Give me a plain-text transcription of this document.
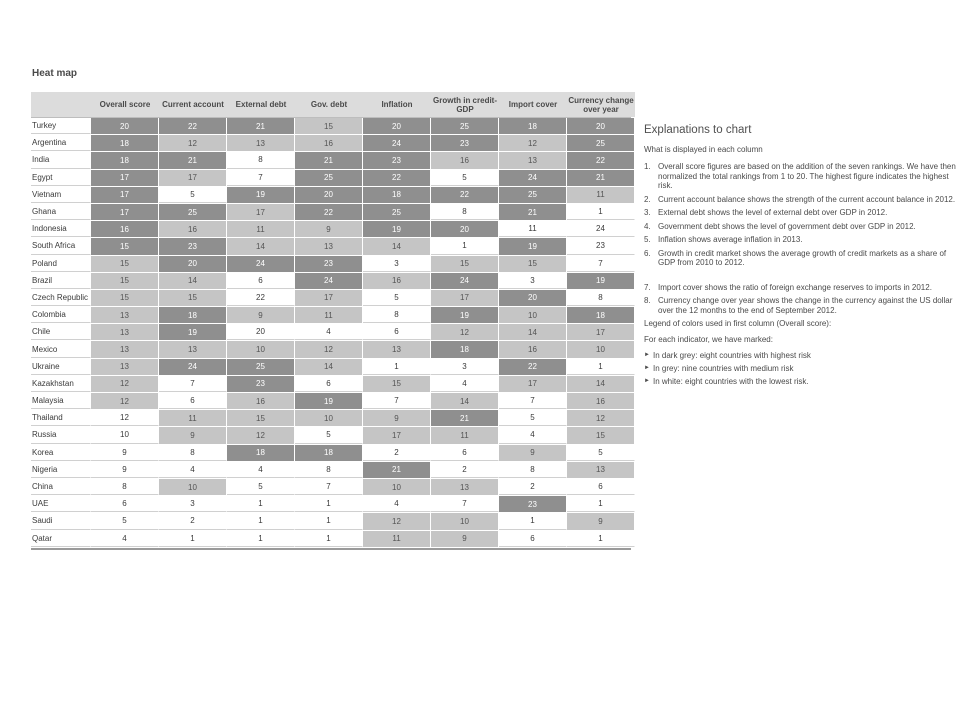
Heat map
Overall score	Current account	External debt	Gov. debt	Inflation	Growth in credit-GDP	Import cover	Currency change over year
Turkey	20	22	21	15	20	25	18	20
Argentina	18	12	13	16	24	23	12	25
India	18	21	8	21	23	16	13	22
Egypt	17	17	7	25	22	5	24	21
Vietnam	17	5	19	20	18	22	25	11
Ghana	17	25	17	22	25	8	21	1
Indonesia	16	16	11	9	19	20	11	24
South Africa	15	23	14	13	14	1	19	23
Poland	15	20	24	23	3	15	15	7
Brazil	15	14	6	24	16	24	3	19
Czech Republic	15	15	22	17	5	17	20	8
Colombia	13	18	9	11	8	19	10	18
Chile	13	19	20	4	6	12	14	17
Mexico	13	13	10	12	13	18	16	10
Ukraine	13	24	25	14	1	3	22	1
Kazakhstan	12	7	23	6	15	4	17	14
Malaysia	12	6	16	19	7	14	7	16
Thailand	12	11	15	10	9	21	5	12
Russia	10	9	12	5	17	11	4	15
Korea	9	8	18	18	2	6	9	5
Nigeria	9	4	4	8	21	2	8	13
China	8	10	5	7	10	13	2	6
UAE	6	3	1	1	4	7	23	1
Saudi	5	2	1	1	12	10	1	9
Qatar	4	1	1	1	11	9	6	1
Explanations to chart
What is displayed in each column
1. Overall score figures are based on the addition of the seven rankings. We have then normalized the total rankings from 1 to 20. The highest figure indicates the highest risk.
2. Current account balance shows the strength of the current account balance in 2012.
3. External debt shows the level of external debt over GDP in 2012.
4. Government debt shows the level of government debt over GDP in 2012.
5. Inflation shows average inflation in 2013.
6. Growth in credit market shows the average growth of credit markets as a share of GDP from 2010 to 2012.
7. Import cover shows the ratio of foreign exchange reserves to imports in 2012.
8. Currency change over year shows the change in the currency against the US dollar over the 12 months to the end of September 2012.
Legend of colors used in first column (Overall score):
For each indicator, we have marked:
► In dark grey: eight countries with highest risk
► In grey: nine countries with medium risk
► In white: eight countries with the lowest risk.
